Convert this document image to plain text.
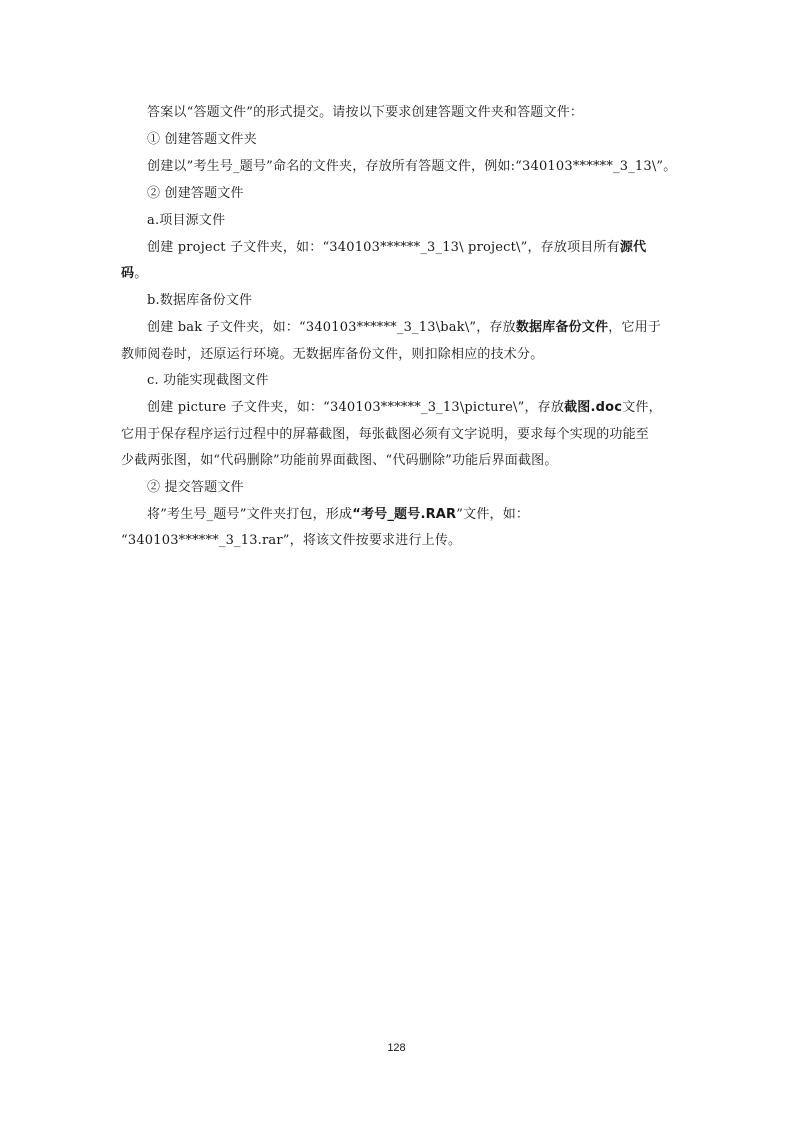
答案以“答题文件”的形式提交。请按以下要求创建答题文件夹和答题文件：
① 创建答题文件夹
创建以”考生号_题号”命名的文件夹，存放所有答题文件，例如:“340103******_3_13\”。
② 创建答题文件
a.项目源文件
创建 project 子文件夹，如：“340103******_3_13\ project\”，存放项目所有源代
码。
b.数据库备份文件
创建 bak 子文件夹，如：“340103******_3_13\bak\”，存放数据库备份文件，它用于
教师阅卷时，还原运行环境。无数据库备份文件，则扣除相应的技术分。
c. 功能实现截图文件
创建 picture 子文件夹，如：“340103******_3_13\picture\”，存放截图.doc文件，
它用于保存程序运行过程中的屏幕截图，每张截图必须有文字说明，要求每个实现的功能至
少截两张图，如“代码删除”功能前界面截图、“代码删除”功能后界面截图。
② 提交答题文件
将”考生号_题号”文件夹打包，形成“考号_题号.RAR”文件，如：
“340103******_3_13.rar”，将该文件按要求进行上传。
128
